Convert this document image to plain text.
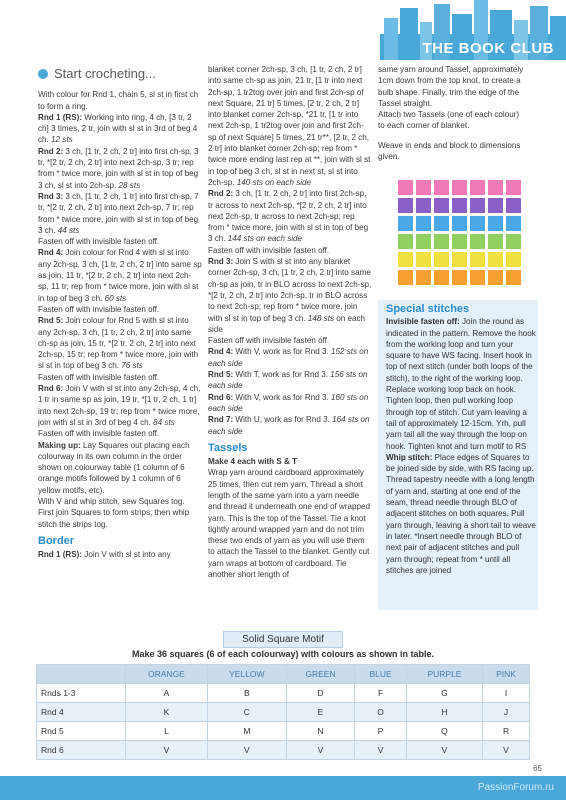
THE BOOK CLUB
Start crocheting...

With colour for Rnd 1, chain 5, sl st in first ch to form a ring.

Rnd 1 (RS): Working into ring, 4 ch, [3 tr, 2 ch] 3 times, 2 tr, join with sl st in 3rd of beg 4 ch. 12 sts

Rnd 2: 3 ch, [1 tr, 2 ch, 2 tr] into first ch-sp, 3 tr, *[2 tr, 2 ch, 2 tr] into next 2ch-sp, 3 tr; rep from * twice more, join with sl st in top of beg 3 ch, sl st into 2ch-sp. 28 sts

Rnd 3: 3 ch, [1 tr, 2 ch, 1 tr] into first ch-sp, 7 tr, *[2 tr, 2 ch, 2 tr] into next 2ch-sp, 7 tr; rep from * twice more, join with sl st in top of beg 3 ch. 44 sts

Fasten off with invisible fasten off.

Rnd 4: Join colour for Rnd 4 with sl st into any 2ch-sp, 3 ch, [1 tr, 2 ch, 2 tr] into same sp as join, 11 tr, *[2 tr, 2 ch, 2 tr] into next 2ch-sp, 11 tr; rep from * twice more, join with sl st in top of beg 3 ch. 60 sts

Fasten off with invisible fasten off.

Rnd 5: Join colour for Rnd 5 with sl st into any 2ch-sp, 3 ch, [1 tr, 2 ch, 2 tr] into same ch-sp as join, 15 tr, *[2 tr, 2 ch, 2 tr] into next 2ch-sp, 15 tr; rep from * twice more, join with sl st in top of beg 3 ch. 76 sts

Fasten off with invisible fasten off.

Rnd 6: Join V with sl st into any 2ch-sp, 4 ch, 1 tr in same sp as join, 19 tr, *[1 tr, 2 ch, 1 tr] into next 2ch-sp, 19 tr; rep from * twice more, join with sl st in 3rd of beg 4 ch. 84 sts

Fasten off with invisible fasten off.

Making up: Lay Squares out placing each colourway in its own column in the order shown on colourway table (1 column of 6 orange motifs followed by 1 column of 6 yellow motifs, etc).

With V and whip stitch, sew Squares tog. First join Squares to form strips, then whip stitch the strips tog.

Border

Rnd 1 (RS): Join V with sl st into any

blanket corner 2ch-sp, 3 ch, [1 tr, 2 ch, 2 tr] into same ch-sp as join, 21 tr, [1 tr into next 2ch-sp, 1 tr2tog over join and first 2ch-sp of next Square, 21 tr] 5 times, [2 tr, 2 ch, 2 tr] into blanket corner 2ch-sp, *21 tr, [1 tr into next 2ch-sp, 1 tr2tog over join and first 2ch-sp of next Square] 5 times, 21 tr**, [2 tr, 2 ch, 2 tr] into blanket corner 2ch-sp; rep from * twice more ending last rep at **, join with sl st in top of beg 3 ch, sl st in next st, sl st into 2ch-sp. 140 sts on each side

Rnd 2: 3 ch, [1 tr, 2 ch, 2 tr] into first 2ch-sp, tr across to next 2ch-sp, *[2 tr, 2 ch, 2 tr] into next 2ch-sp, tr across to next 2ch-sp; rep from * twice more, join with sl st in top of beg 3 ch. 144 sts on each side

Fasten off with invisible fasten off.

Rnd 3: Join S with sl st into any blanket corner 2ch-sp, 3 ch, [1 tr, 2 ch, 2 tr] into same ch-sp as join, tr in BLO across to next 2ch-sp, *[2 tr, 2 ch, 2 tr] into 2ch-sp, tr in BLO across to next 2ch-sp; rep from * twice more, join with sl st in top of beg 3 ch. 148 sts on each side

Fasten off with invisible fasten off.

Rnd 4: With V, work as for Rnd 3. 152 sts on each side

Rnd 5: With T, work as for Rnd 3. 156 sts on each side

Rnd 6: With V, work as for Rnd 3. 160 sts on each side

Rnd 7: With U, work as for Rnd 3. 164 sts on each side

Tassels

Make 4 each with S & T

Wrap yarn around cardboard approximately 25 times, then cut rem yarn. Thread a short length of the same yarn into a yarn needle and thread it underneath one end of wrapped yarn. This is the top of the Tassel. Tie a knot tightly around wrapped yarn and do not trim these two ends of yarn as you will use them to attach the Tassel to the blanket. Gently cut yarn wraps at bottom of cardboard. Tie another short length of

same yarn around Tassel, approximately 1cm down from the top knot, to create a bulb shape. Finally, trim the edge of the Tassel straight.

Attach two Tassels (one of each colour) to each corner of blanket.

Weave in ends and block to dimensions given.

Special stitches

Invisible fasten off: Join the round as indicated in the pattern. Remove the hook from the working loop and turn your square to have WS facing. Insert hook in top of next stitch (under both loops of the stitch), to the right of the working loop. Replace working loop back on hook. Tighten loop, then pull working loop through top of stitch. Cut yarn leaving a tail of approximately 12-15cm. Yrh, pull yarn tail all the way through the loop on hook. Tighten knot and turn motif to RS

Whip stitch: Place edges of Squares to be joined side by side, with RS facing up. Thread tapestry needle with a long length of yarn and, starting at one end of the seam, thread needle through BLO of adjacent stitches on both squares. Pull yarn through, leaving a short tail to weave in later. *Insert needle through BLO of next pair of adjacent stitches and pull yarn through; repeat from * until all stitches are joined

Solid Square Motif
Make 36 squares (6 of each colourway) with colours as shown in table.
	ORANGE	YELLOW	GREEN	BLUE	PURPLE	PINK
Rnds 1-3	A	B	D	F	G	I
Rnd 4	K	C	E	O	H	J
Rnd 5	L	M	N	P	Q	R
Rnd 6	V	V	V	V	V	V
65
PassionForum.ru
